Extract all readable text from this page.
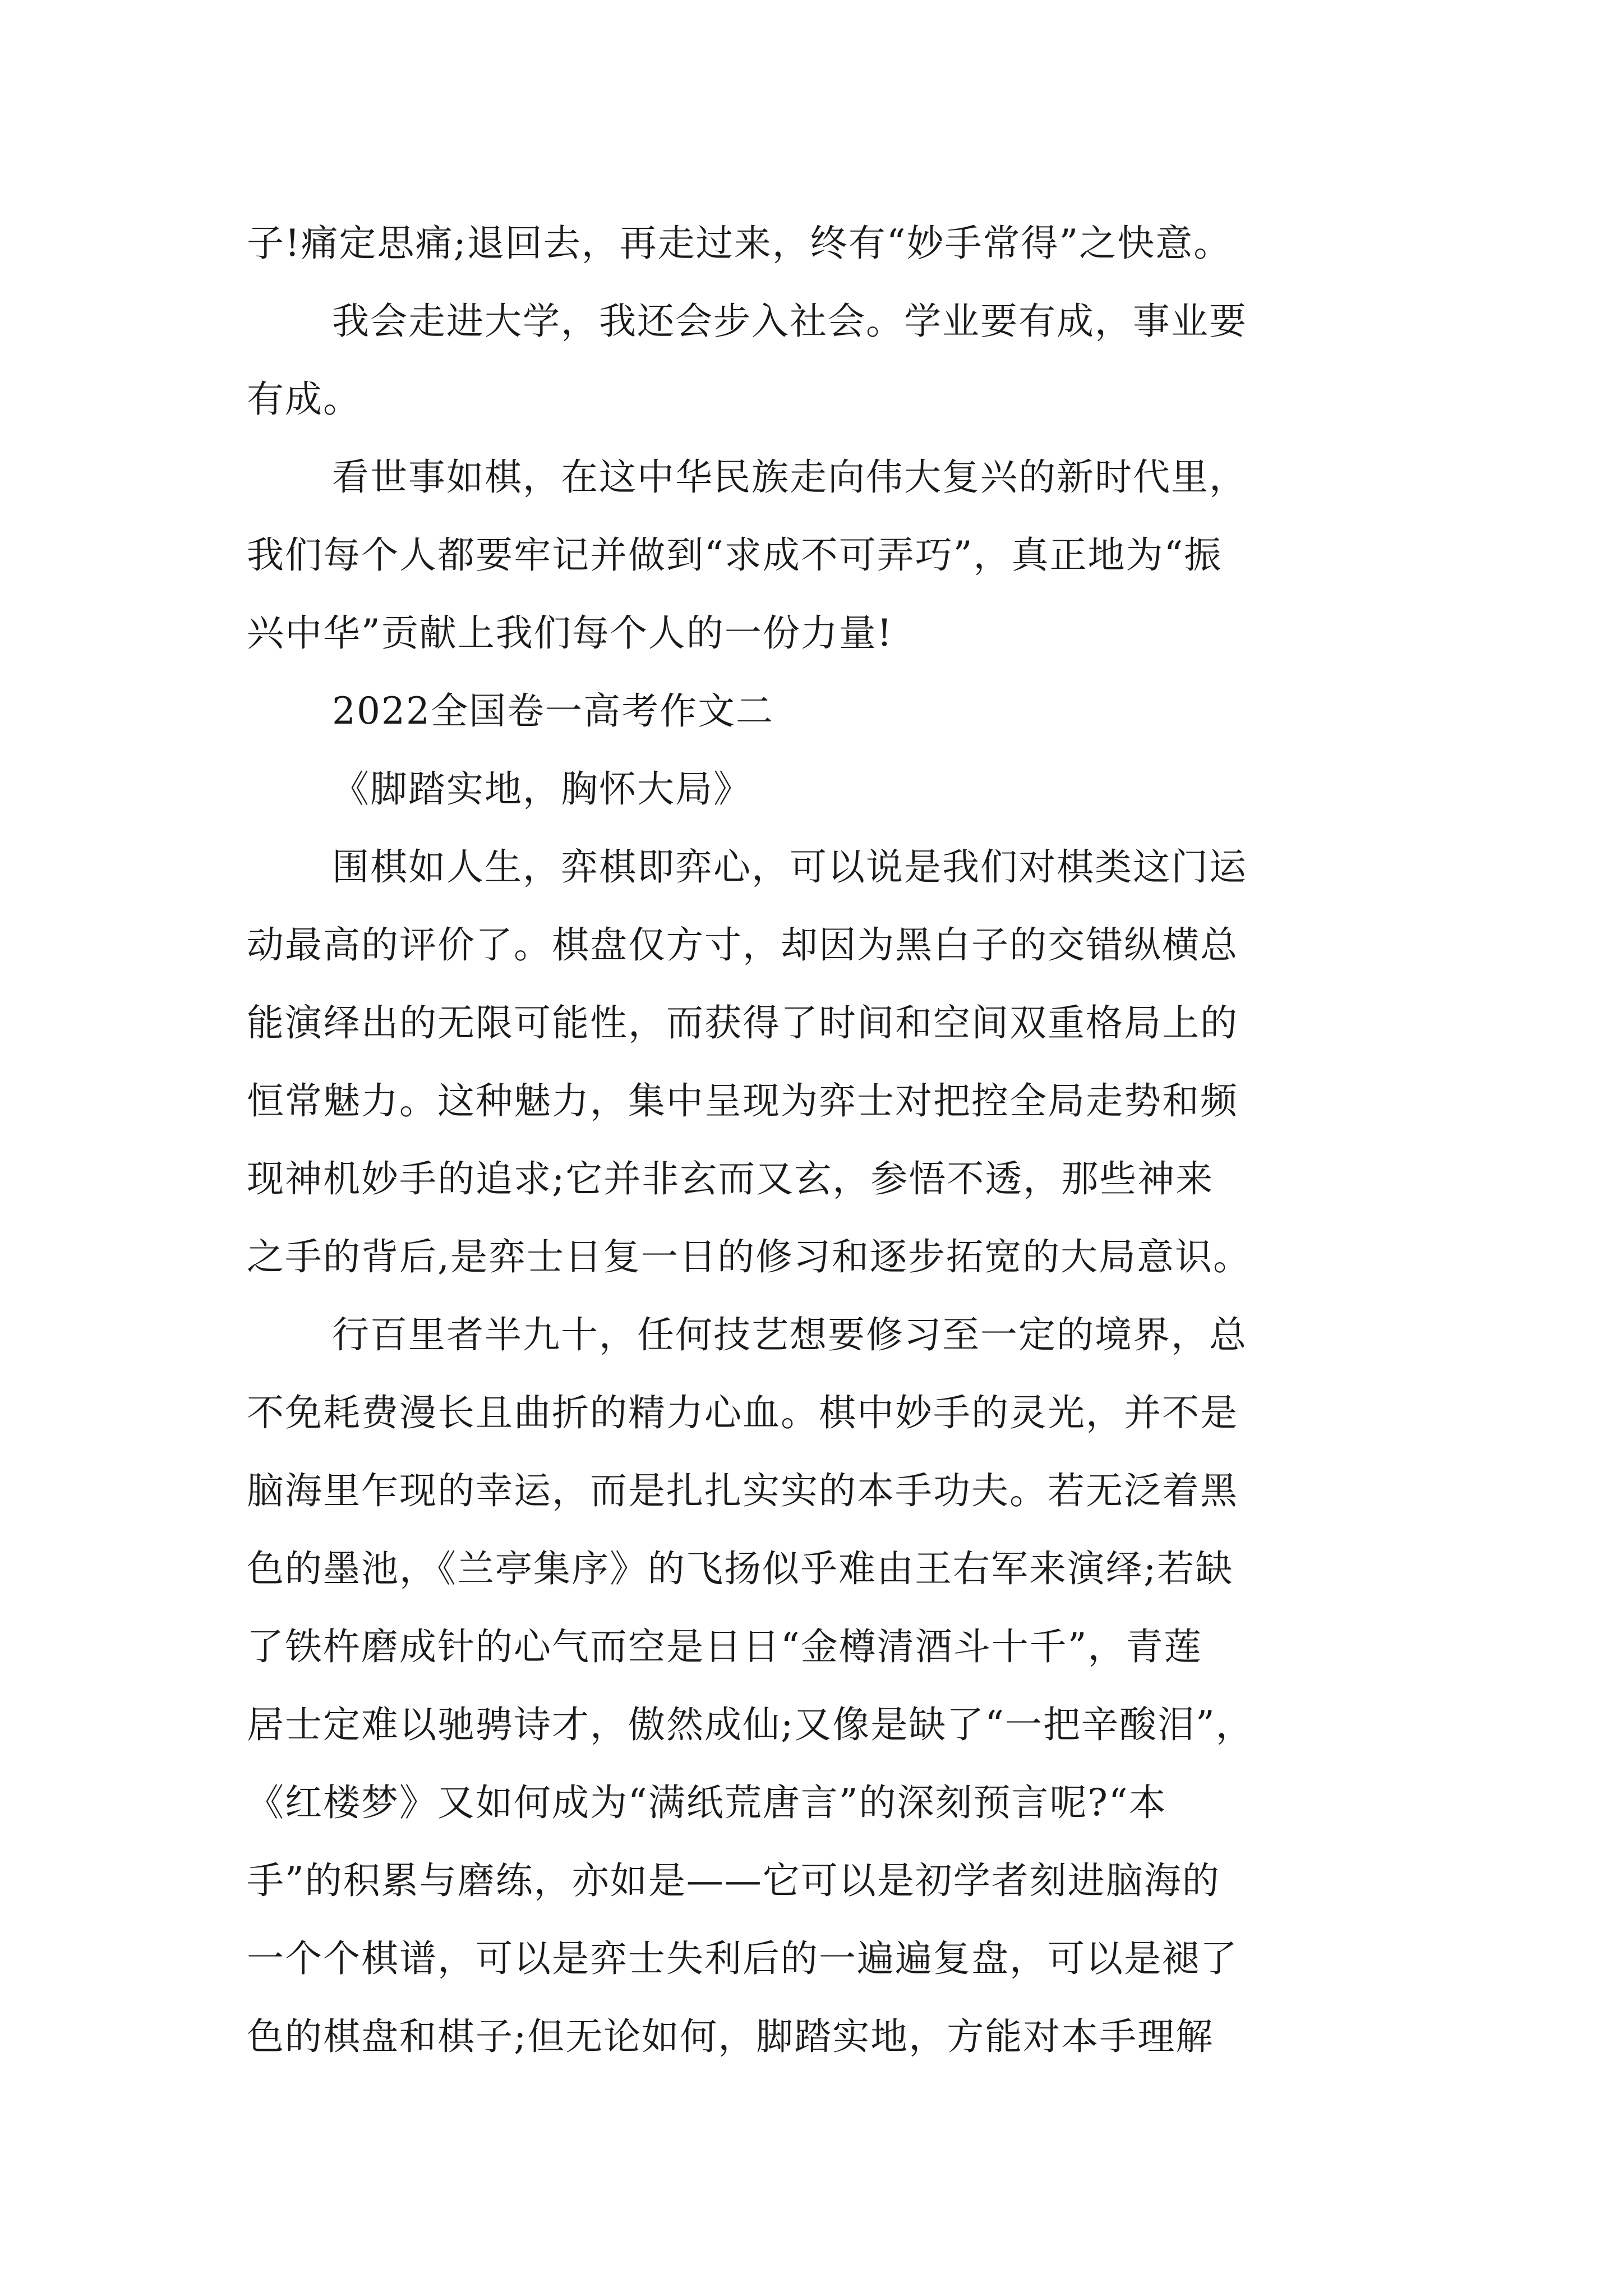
子!痛定思痛;退回去，再走过来，终有“妙手常得”之快意。
我会走进大学，我还会步入社会。学业要有成，事业要
有成。
看世事如棋，在这中华民族走向伟大复兴的新时代里，
我们每个人都要牢记并做到“求成不可弄巧”，真正地为“振
兴中华”贡献上我们每个人的一份力量!
2022全国卷一高考作文二
《脚踏实地，胸怀大局》
围棋如人生，弈棋即弈心，可以说是我们对棋类这门运
动最高的评价了。棋盘仅方寸，却因为黑白子的交错纵横总
能演绎出的无限可能性，而获得了时间和空间双重格局上的
恒常魅力。这种魅力，集中呈现为弈士对把控全局走势和频
现神机妙手的追求;它并非玄而又玄，参悟不透，那些神来
之手的背后,是弈士日复一日的修习和逐步拓宽的大局意识。
行百里者半九十，任何技艺想要修习至一定的境界，总
不免耗费漫长且曲折的精力心血。棋中妙手的灵光，并不是
脑海里乍现的幸运，而是扎扎实实的本手功夫。若无泛着黑
色的墨池，《兰亭集序》的飞扬似乎难由王右军来演绎;若缺
了铁杵磨成针的心气而空是日日“金樽清酒斗十千”，青莲
居士定难以驰骋诗才，傲然成仙;又像是缺了“一把辛酸泪”，
《红楼梦》又如何成为“满纸荒唐言”的深刻预言呢?“本
手”的积累与磨练，亦如是——它可以是初学者刻进脑海的
一个个棋谱，可以是弈士失利后的一遍遍复盘，可以是褪了
色的棋盘和棋子;但无论如何，脚踏实地，方能对本手理解
